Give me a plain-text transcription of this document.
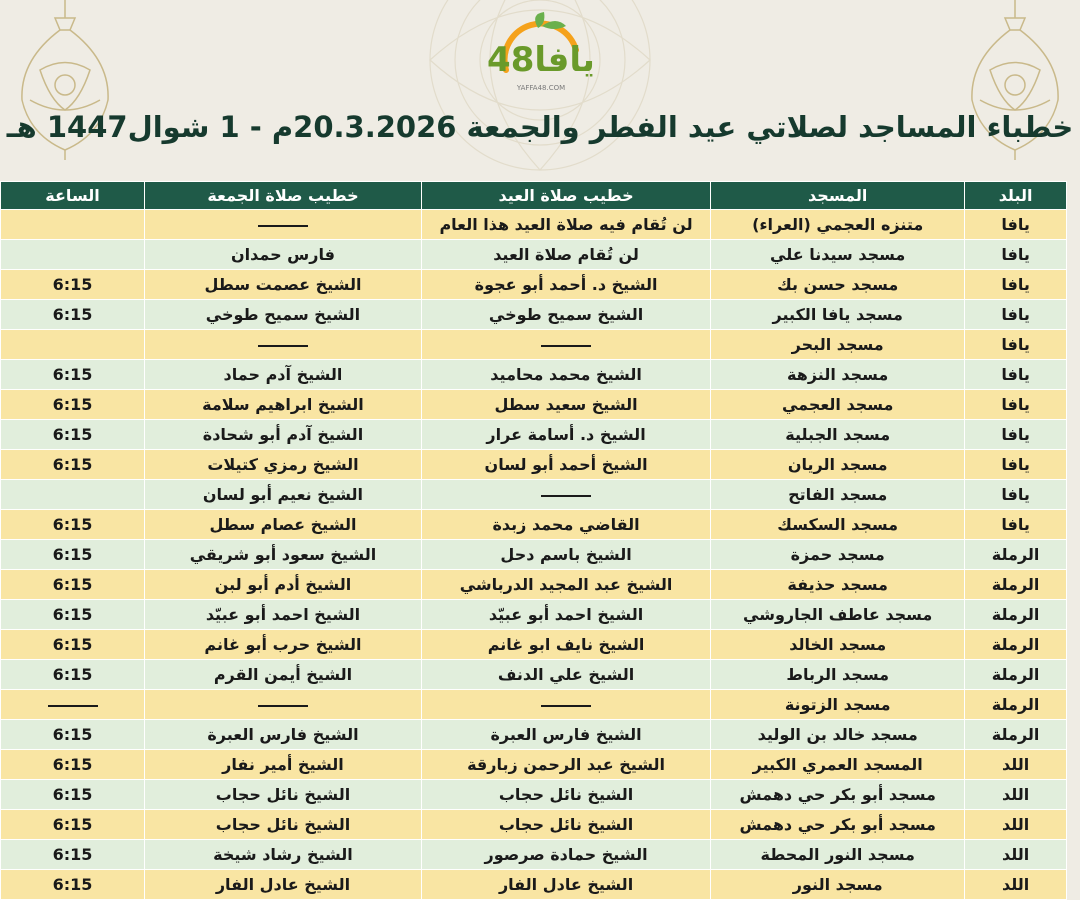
يافا48
YAFFA48.COM
خطباء المساجد لصلاتي عيد الفطر والجمعة 20.3.2026م - 1 شوال1447 هـ
البلد	المسجد	خطيب صلاة العيد	خطيب صلاة الجمعة	الساعة
يافا	متنزه العجمي (العراء)	لن تُقام فيه صلاة العيد هذا العام		
يافا	مسجد سيدنا علي	لن تُقام صلاة العيد	فارس حمدان	
يافا	مسجد حسن بك	الشيخ د. أحمد أبو عجوة	الشيخ عصمت سطل	6:15
يافا	مسجد يافا الكبير	الشيخ سميح طوخي	الشيخ سميح طوخي	6:15
يافا	مسجد البحر			
يافا	مسجد النزهة	الشيخ محمد محاميد	الشيخ آدم حماد	6:15
يافا	مسجد العجمي	الشيخ سعيد سطل	الشيخ ابراهيم سلامة	6:15
يافا	مسجد الجبلية	الشيخ د. أسامة عرار	الشيخ آدم أبو شحادة	6:15
يافا	مسجد الريان	الشيخ أحمد أبو لسان	الشيخ رمزي كتيلات	6:15
يافا	مسجد الفاتح		الشيخ نعيم أبو لسان	
يافا	مسجد السكسك	القاضي محمد زبدة	الشيخ عصام سطل	6:15
الرملة	مسجد حمزة	الشيخ باسم دحل	الشيخ سعود أبو شريقي	6:15
الرملة	مسجد حذيفة	الشيخ عبد المجيد الدرباشي	الشيخ أدم أبو لبن	6:15
الرملة	مسجد عاطف الجاروشي	الشيخ احمد أبو عبيّد	الشيخ احمد أبو عبيّد	6:15
الرملة	مسجد الخالد	الشيخ نايف ابو غانم	الشيخ حرب أبو غانم	6:15
الرملة	مسجد الرباط	الشيخ علي الدنف	الشيخ أيمن القرم	6:15
الرملة	مسجد الزتونة			
الرملة	مسجد خالد بن الوليد	الشيخ فارس العبرة	الشيخ فارس العبرة	6:15
اللد	المسجد العمري الكبير	الشيخ عبد الرحمن زبارقة	الشيخ أمير نفار	6:15
اللد	مسجد أبو بكر حي دهمش	الشيخ نائل حجاب	الشيخ نائل حجاب	6:15
اللد	مسجد أبو بكر حي دهمش	الشيخ نائل حجاب	الشيخ نائل حجاب	6:15
اللد	مسجد النور المحطة	الشيخ حمادة صرصور	الشيخ رشاد شيخة	6:15
اللد	مسجد النور	الشيخ عادل الفار	الشيخ عادل الفار	6:15
